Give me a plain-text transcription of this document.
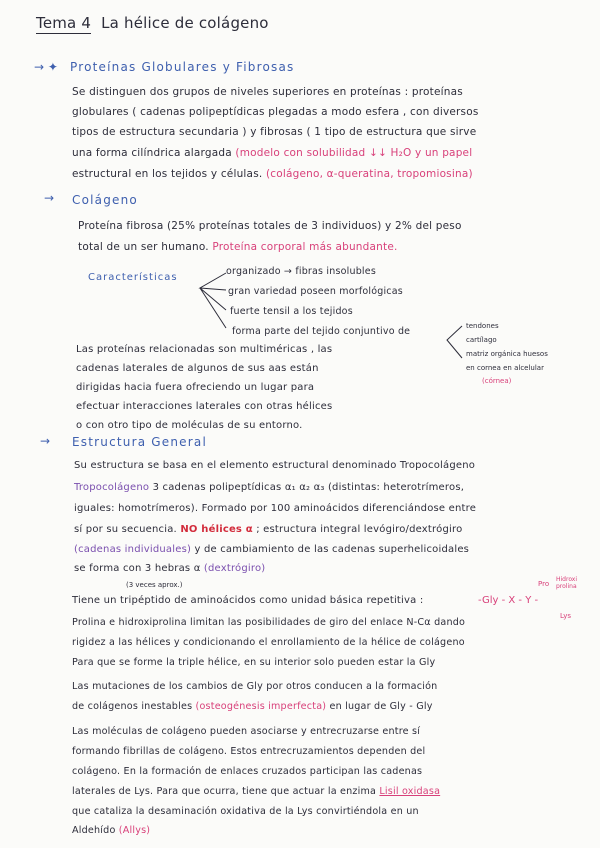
Tema 4 La hélice de colágeno
→ ✦ Proteínas Globulares y Fibrosas
Se distinguen dos grupos de niveles superiores en proteínas : proteínas
globulares ( cadenas polipeptídicas plegadas a modo esfera , con diversos
tipos de estructura secundaria ) y fibrosas ( 1 tipo de estructura que sirve
una forma cilíndrica alargada (modelo con solubilidad ↓↓ H₂O y un papel
estructural en los tejidos y células. (colágeno, α-queratina, tropomiosina)
→ Colágeno
Proteína fibrosa (25% proteínas totales de 3 individuos) y 2% del peso
total de un ser humano. Proteína corporal más abundante.
Características
organizado → fibras insolubles
gran variedad poseen morfológicas
fuerte tensil a los tejidos
forma parte del tejido conjuntivo de	tendones
cartílago
matriz orgánica huesos
en cornea en alcelular
(córnea)
Las proteínas relacionadas son multiméricas , las
cadenas laterales de algunos de sus aas están
dirigidas hacia fuera ofreciendo un lugar para
efectuar interacciones laterales con otras hélices
o con otro tipo de moléculas de su entorno.
→ Estructura General
Su estructura se basa en el elemento estructural denominado Tropocolágeno
Tropocolágeno 3 cadenas polipeptídicas α₁ α₂ α₃ (distintas: heterotrímeros,
iguales: homotrímeros). Formado por 100 aminoácidos diferenciándose entre
sí por su secuencia. NO hélices α ; estructura integral levógiro/dextrógiro
(cadenas individuales) y de cambiamiento de las cadenas superhelicoidales
se forma con 3 hebras α (dextrógiro)
(3 veces aprox.)
Tiene un tripéptido de aminoácidos como unidad básica repetitiva :
Pro
Hidroxi prolina
-Gly - X - Y -
Lys
Prolina e hidroxiprolina limitan las posibilidades de giro del enlace N-Cα dando
rigidez a las hélices y condicionando el enrollamiento de la hélice de colágeno
Para que se forme la triple hélice, en su interior solo pueden estar la Gly
Las mutaciones de los cambios de Gly por otros conducen a la formación
de colágenos inestables (osteogénesis imperfecta) en lugar de Gly - Gly
Las moléculas de colágeno pueden asociarse y entrecruzarse entre sí
formando fibrillas de colágeno. Estos entrecruzamientos dependen del
colágeno. En la formación de enlaces cruzados participan las cadenas
laterales de Lys. Para que ocurra, tiene que actuar la enzima Lisil oxidasa
que cataliza la desaminación oxidativa de la Lys convirtiéndola en un
Aldehído (Allys)
